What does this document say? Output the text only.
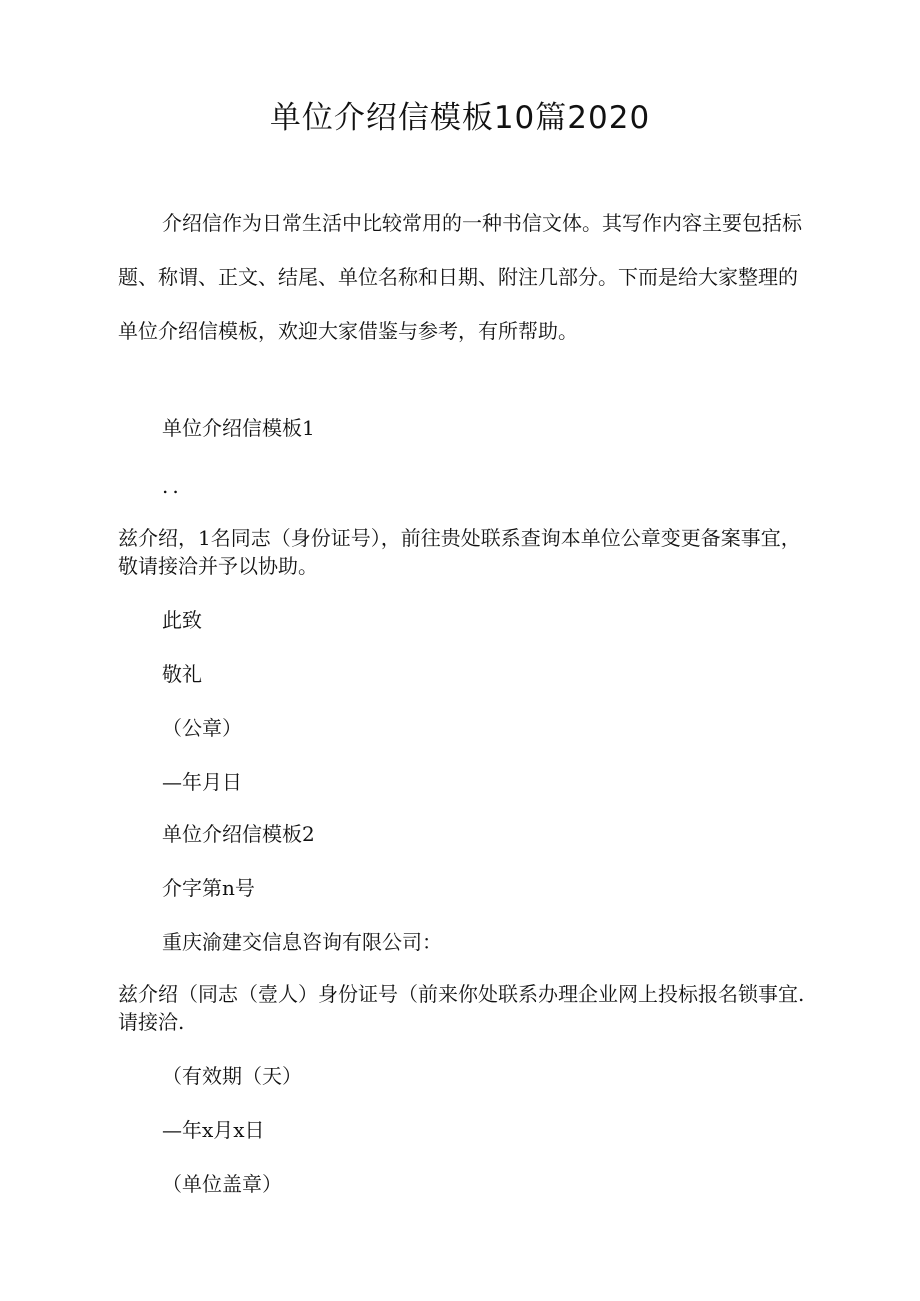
单位介绍信模板10篇2020

介绍信作为日常生活中比较常用的一种书信文体。其写作内容主要包括标题、称谓、正文、结尾、单位名称和日期、附注几部分。下而是给大家整理的单位介绍信模板，欢迎大家借鉴与参考，有所帮助。

单位介绍信模板1

..

兹介绍，1名同志（身份证号），前往贵处联系查询本单位公章变更备案事宜，敬请接洽并予以协助。

此致

敬礼

（公章）

—年月日

单位介绍信模板2

介字第n号

重庆渝建交信息咨询有限公司：

兹介绍（同志（壹人）身份证号（前来你处联系办理企业网上投标报名锁事宜.请接洽.

（有效期（天）

—年x月x日

（单位盖章）
